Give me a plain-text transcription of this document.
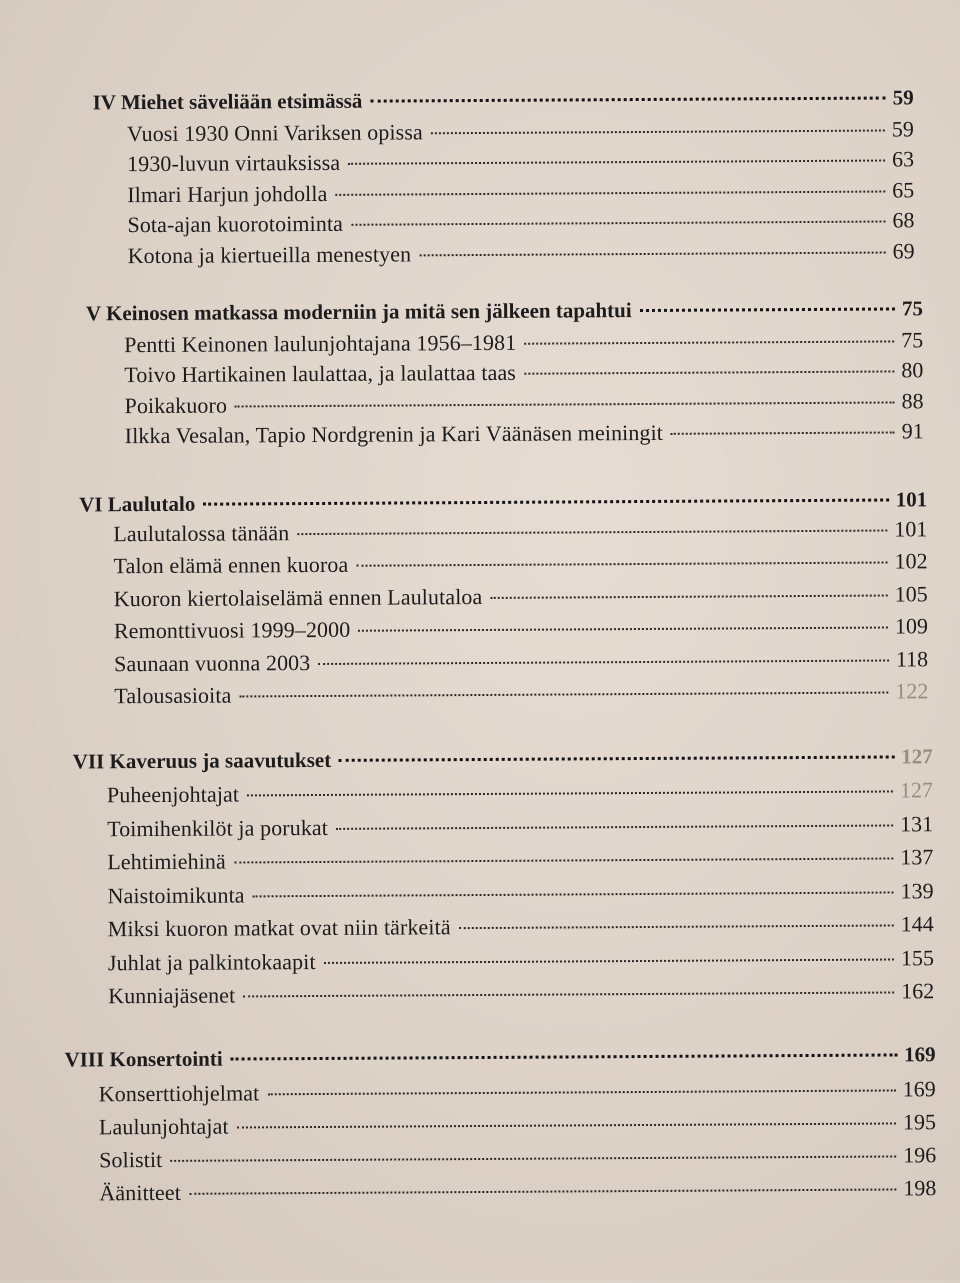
IV Miehet säveliään etsimässä	59
Vuosi 1930 Onni Variksen opissa	59
1930-luvun virtauksissa	63
Ilmari Harjun johdolla	65
Sota-ajan kuorotoiminta	68
Kotona ja kiertueilla menestyen	69
V Keinosen matkassa moderniin ja mitä sen jälkeen tapahtui	75
Pentti Keinonen laulunjohtajana 1956–1981	75
Toivo Hartikainen laulattaa, ja laulattaa taas	80
Poikakuoro	88
Ilkka Vesalan, Tapio Nordgrenin ja Kari Väänäsen meiningit	91
VI Laulutalo	101
Laulutalossa tänään	101
Talon elämä ennen kuoroa	102
Kuoron kiertolaiselämä ennen Laulutaloa	105
Remonttivuosi 1999–2000	109
Saunaan vuonna 2003	118
Talousasioita	122
VII Kaveruus ja saavutukset	127
Puheenjohtajat	127
Toimihenkilöt ja porukat	131
Lehtimiehinä	137
Naistoimikunta	139
Miksi kuoron matkat ovat niin tärkeitä	144
Juhlat ja palkintokaapit	155
Kunniajäsenet	162
VIII Konsertointi	169
Konserttiohjelmat	169
Laulunjohtajat	195
Solistit	196
Äänitteet	198
